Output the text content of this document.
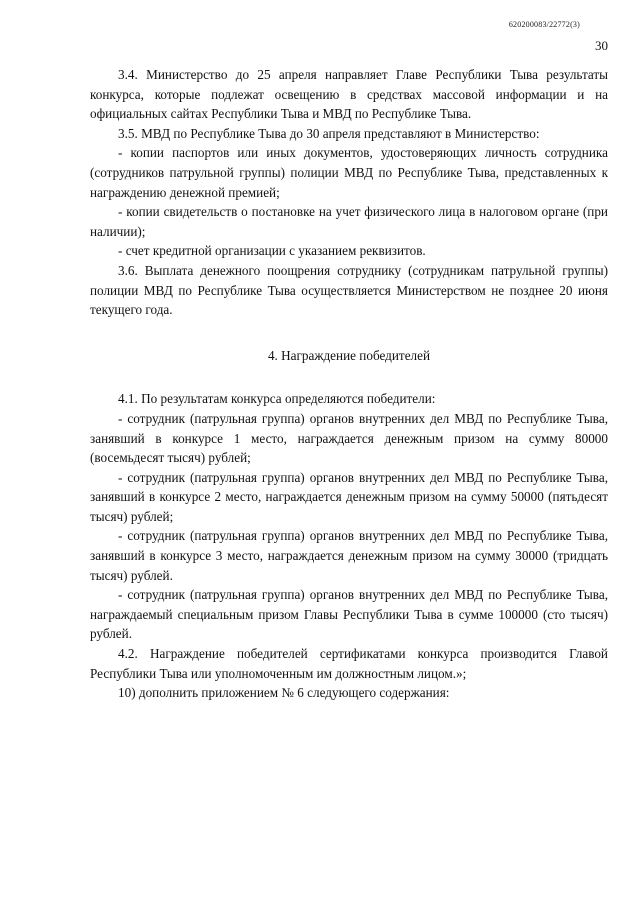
620200083/22772(3)
30

3.4. Министерство до 25 апреля направляет Главе Республики Тыва результаты конкурса, которые подлежат освещению в средствах массовой информации и на официальных сайтах Республики Тыва и МВД по Республике Тыва.

3.5. МВД по Республике Тыва до 30 апреля представляют в Министерство:

- копии паспортов или иных документов, удостоверяющих личность сотрудника (сотрудников патрульной группы) полиции МВД по Республике Тыва, представленных к награждению денежной премией;

- копии свидетельств о постановке на учет физического лица в налоговом органе (при наличии);

- счет кредитной организации с указанием реквизитов.

3.6. Выплата денежного поощрения сотруднику (сотрудникам патрульной группы) полиции МВД по Республике Тыва осуществляется Министерством не позднее 20 июня текущего года.

4. Награждение победителей

4.1. По результатам конкурса определяются победители:

- сотрудник (патрульная группа) органов внутренних дел МВД по Республике Тыва, занявший в конкурсе 1 место, награждается денежным призом на сумму 80000 (восемьдесят тысяч) рублей;

- сотрудник (патрульная группа) органов внутренних дел МВД по Республике Тыва, занявший в конкурсе 2 место, награждается денежным призом на сумму 50000 (пятьдесят тысяч) рублей;

- сотрудник (патрульная группа) органов внутренних дел МВД по Республике Тыва, занявший в конкурсе 3 место, награждается денежным призом на сумму 30000 (тридцать тысяч) рублей.

- сотрудник (патрульная группа) органов внутренних дел МВД по Республике Тыва, награждаемый специальным призом Главы Республики Тыва в сумме 100000 (сто тысяч) рублей.

4.2. Награждение победителей сертификатами конкурса производится Главой Республики Тыва или уполномоченным им должностным лицом.»;

10) дополнить приложением № 6 следующего содержания:
